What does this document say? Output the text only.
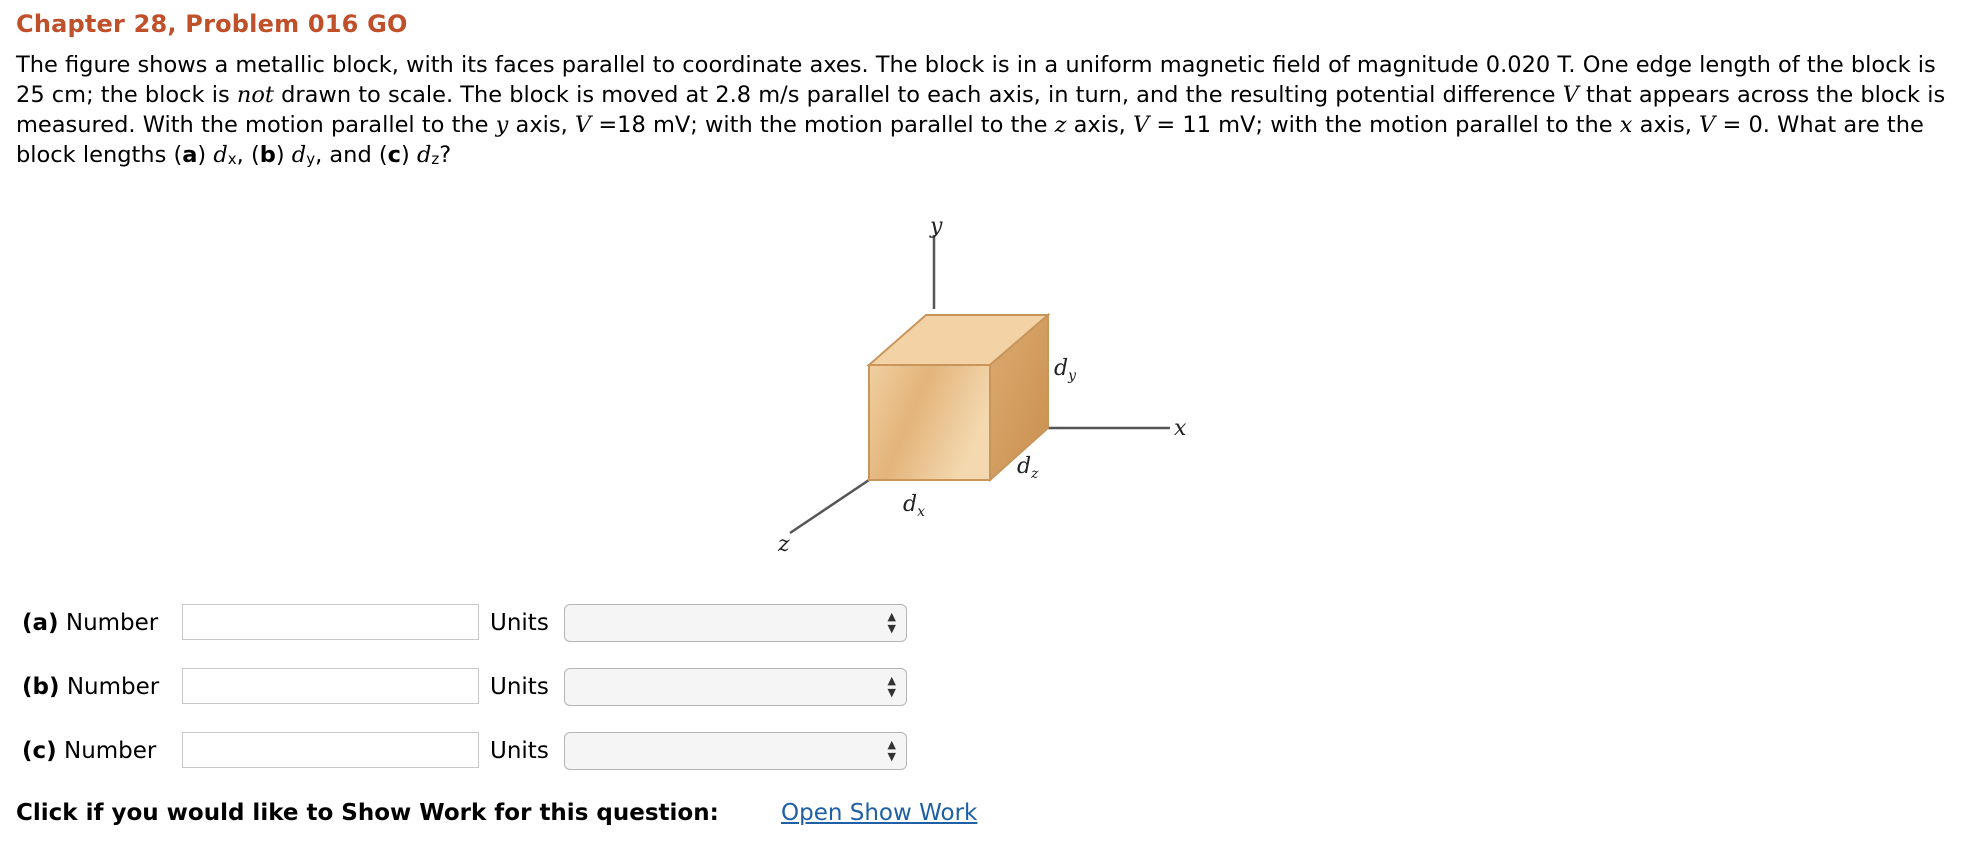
Chapter 28, Problem 016 GO
The figure shows a metallic block, with its faces parallel to coordinate axes. The block is in a uniform magnetic field of magnitude 0.020 T. One edge length of the block is 25 cm; the block is not drawn to scale. The block is moved at 2.8 m/s parallel to each axis, in turn, and the resulting potential difference V that appears across the block is measured. With the motion parallel to the y axis, V =18 mV; with the motion parallel to the z axis, V = 11 mV; with the motion parallel to the x axis, V = 0. What are the block lengths (a) $d_x$, (b) $d_y$, and (c) $d_z$?
y
x
z
$d_x$
$d_y$
$d_z$
(a) Number	Units	▲
▼
(b) Number	Units	▲
▼
(c) Number	Units	▲
▼
Click if you would like to Show Work for this question:	Open Show Work
